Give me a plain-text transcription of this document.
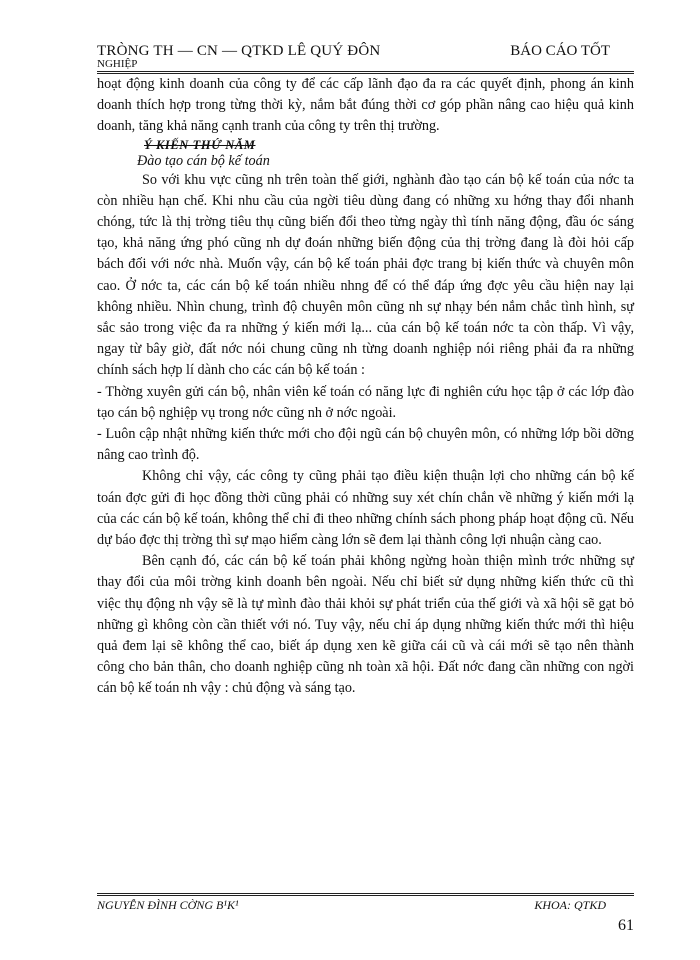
TRÒNG TH — CN — QTKD LÊ QUÝ ĐÔN
NGHIỆP
BÁO CÁO TỐT

hoạt động kinh doanh của công ty để các cấp lãnh đạo đa ra các quyết định, phong án kinh doanh thích hợp trong từng thời kỳ, nắm bắt đúng thời cơ góp phần nâng cao hiệu quả kinh doanh, tăng khả năng cạnh tranh của công ty trên thị trường.

Ý KIẾN THỨ NĂM

Đào tạo cán bộ kế toán

So với khu vực cũng nh trên toàn thế giới, nghành đào tạo cán bộ kế toán của nớc ta còn nhiều hạn chế. Khi nhu cầu của ngời tiêu dùng đang có những xu hớng thay đổi nhanh chóng, tức là thị trờng tiêu thụ cũng biến đổi theo từng ngày thì tính năng động, đầu óc sáng tạo, khả năng ứng phó cũng nh dự đoán những biến động của thị trờng đang là đòi hỏi cấp bách đối với nớc nhà. Muốn vậy, cán bộ kế toán phải đợc trang bị kiến thức và chuyên môn cao. Ở nớc ta, các cán bộ kế toán nhiều nhng để có thể đáp ứng đợc yêu cầu hiện nay lại không nhiều. Nhìn chung, trình độ chuyên môn cũng nh sự nhạy bén nắm chắc tình hình, sự sắc sảo trong việc đa ra những ý kiến mới lạ... của cán bộ kế toán nớc ta còn thấp. Vì vậy, ngay từ bây giờ, đất nớc nói chung cũng nh từng doanh nghiệp nói riêng phải đa ra những chính sách hợp lí dành cho các cán bộ kế toán :

- Thờng xuyên gửi cán bộ, nhân viên kế toán có năng lực đi nghiên cứu học tập ở các lớp đào tạo cán bộ nghiệp vụ trong nớc cũng nh ở nớc ngoài.

- Luôn cập nhật những kiến thức mới cho đội ngũ cán bộ chuyên môn, có những lớp bồi dỡng nâng cao trình độ.

Không chỉ vậy, các công ty cũng phải tạo điều kiện thuận lợi cho những cán bộ kế toán đợc gửi đi học đồng thời cũng phải có những suy xét chín chắn về những ý kiến mới lạ của các cán bộ kế toán, không thể chỉ đi theo những chính sách phong pháp hoạt động cũ. Nếu dự báo đợc thị trờng thì sự mạo hiểm càng lớn sẽ đem lại thành công lợi nhuận càng cao.

Bên cạnh đó, các cán bộ kế toán phải không ngừng hoàn thiện mình trớc những sự thay đổi của môi trờng kinh doanh bên ngoài. Nếu chỉ biết sử dụng những kiến thức cũ thì việc thụ động nh vậy sẽ là tự mình đào thải khỏi sự phát triển của thế giới và xã hội sẽ gạt bỏ những gì không còn cần thiết với nó. Tuy vậy, nếu chỉ áp dụng những kiến thức mới thì hiệu quả đem lại sẽ không thể cao, biết áp dụng xen kẽ giữa cái cũ và cái mới sẽ tạo nên thành công cho bản thân, cho doanh nghiệp cũng nh toàn xã hội. Đất nớc đang cần những con ngời cán bộ kế toán nh vậy : chủ động và sáng tạo.

NGUYỄN ĐÌNH CỜNG B¹K¹	KHOA: QTKD
61
